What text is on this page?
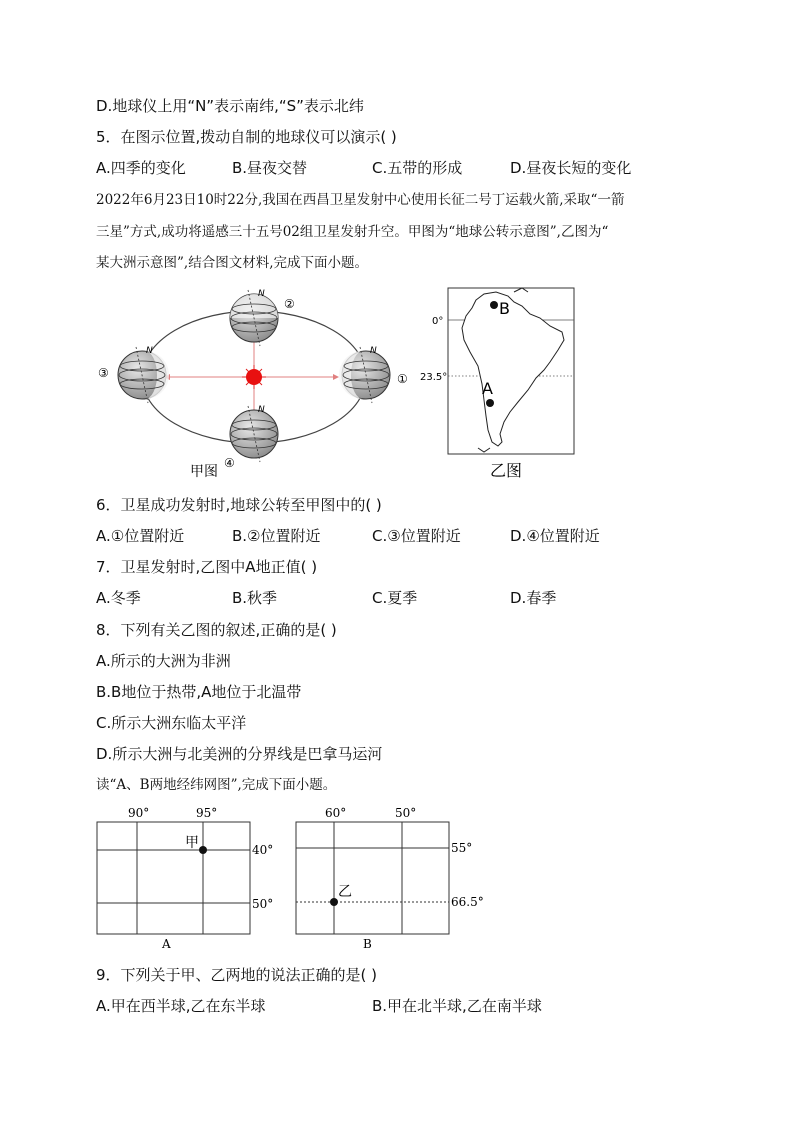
D.地球仪上用“N”表示南纬,“S”表示北纬
5．在图示位置,拨动自制的地球仪可以演示( )
A.四季的变化	B.昼夜交替	C.五带的形成	D.昼夜长短的变化
2022年6月23日10时22分,我国在西昌卫星发射中心使用长征二号丁运载火箭,采取“一箭
三星”方式,成功将遥感三十五号02组卫星发射升空。甲图为“地球公转示意图”,乙图为“
某大洲示意图”,结合图文材料,完成下面小题。
N
N
N
N
②
①
③
④
甲图
0°
23.5°
B
A
乙图
6．卫星成功发射时,地球公转至甲图中的( )
A.①位置附近	B.②位置附近	C.③位置附近	D.④位置附近
7．卫星发射时,乙图中A地正值( )
A.冬季	B.秋季	C.夏季	D.春季
8．下列有关乙图的叙述,正确的是( )
A.所示的大洲为非洲
B.B地位于热带,A地位于北温带
C.所示大洲东临太平洋
D.所示大洲与北美洲的分界线是巴拿马运河
读“A、B两地经纬网图”,完成下面小题。
90°	95°
40°
50°
甲
A
60°	50°
55°
66.5°
乙
B
9．下列关于甲、乙两地的说法正确的是( )
A.甲在西半球,乙在东半球	B.甲在北半球,乙在南半球
